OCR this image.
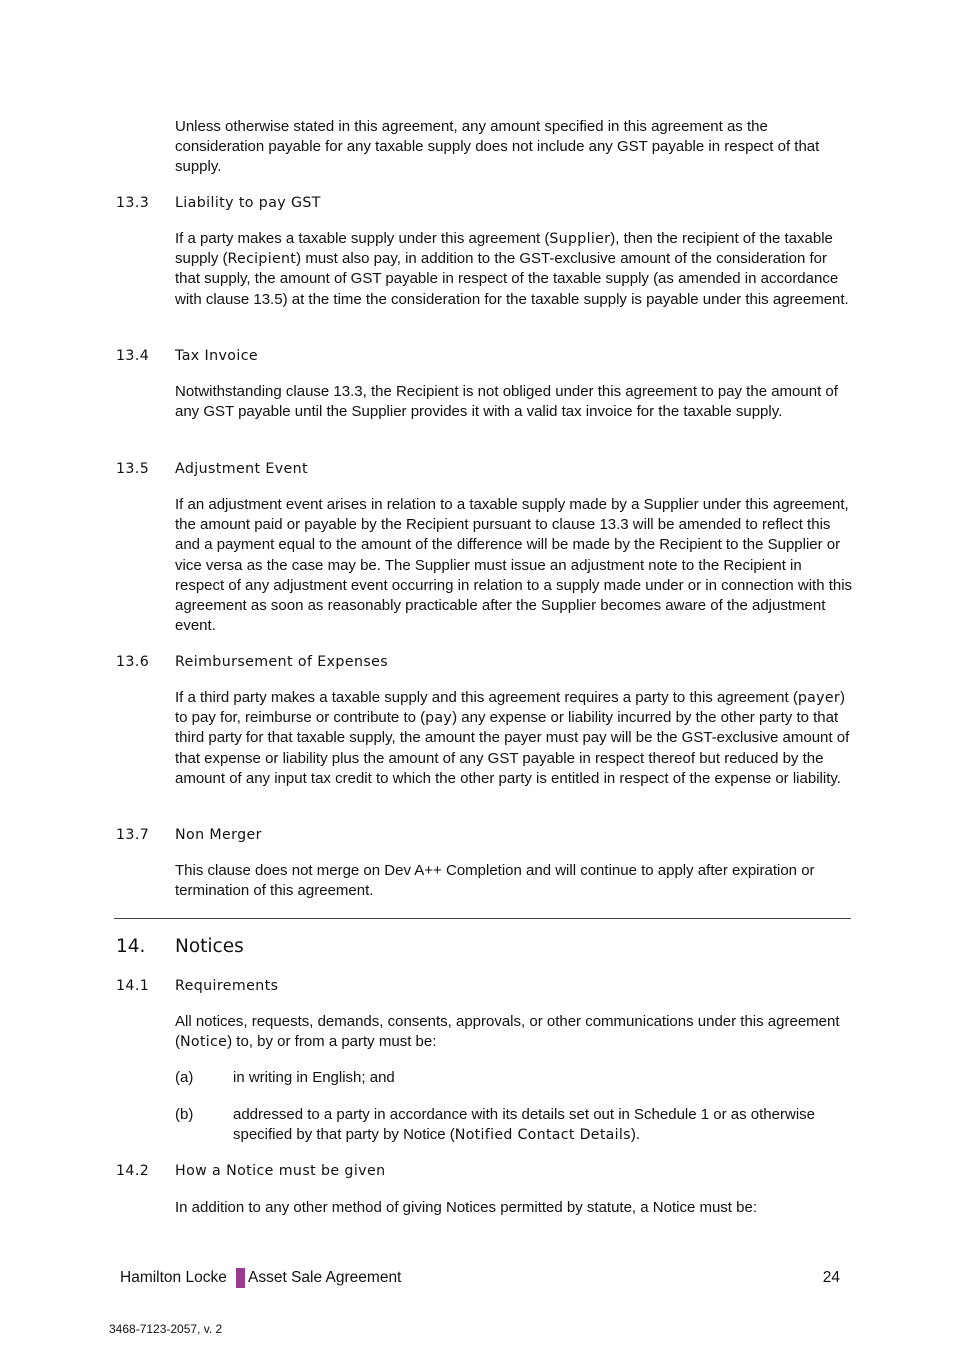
Unless otherwise stated in this agreement, any amount specified in this agreement as the consideration payable for any taxable supply does not include any GST payable in respect of that supply.

13.3	Liability to pay GST

If a party makes a taxable supply under this agreement (Supplier), then the recipient of the taxable supply (Recipient) must also pay, in addition to the GST-exclusive amount of the consideration for that supply, the amount of GST payable in respect of the taxable supply (as amended in accordance with clause 13.5) at the time the consideration for the taxable supply is payable under this agreement.

13.4	Tax Invoice

Notwithstanding clause 13.3, the Recipient is not obliged under this agreement to pay the amount of any GST payable until the Supplier provides it with a valid tax invoice for the taxable supply.

13.5	Adjustment Event

If an adjustment event arises in relation to a taxable supply made by a Supplier under this agreement, the amount paid or payable by the Recipient pursuant to clause 13.3 will be amended to reflect this and a payment equal to the amount of the difference will be made by the Recipient to the Supplier or vice versa as the case may be. The Supplier must issue an adjustment note to the Recipient in respect of any adjustment event occurring in relation to a supply made under or in connection with this agreement as soon as reasonably practicable after the Supplier becomes aware of the adjustment event.

13.6	Reimbursement of Expenses

If a third party makes a taxable supply and this agreement requires a party to this agreement (payer) to pay for, reimburse or contribute to (pay) any expense or liability incurred by the other party to that third party for that taxable supply, the amount the payer must pay will be the GST-exclusive amount of that expense or liability plus the amount of any GST payable in respect thereof but reduced by the amount of any input tax credit to which the other party is entitled in respect of the expense or liability.

13.7	Non Merger

This clause does not merge on Dev A++ Completion and will continue to apply after expiration or termination of this agreement.

14. Notices
14.1	Requirements

All notices, requests, demands, consents, approvals, or other communications under this agreement (Notice) to, by or from a party must be:

(a)	in writing in English; and
(b)	addressed to a party in accordance with its details set out in Schedule 1 or as otherwise specified by that party by Notice (Notified Contact Details).
14.2	How a Notice must be given

In addition to any other method of giving Notices permitted by statute, a Notice must be:

Hamilton Locke Asset Sale Agreement	24
3468-7123-2057, v. 2
